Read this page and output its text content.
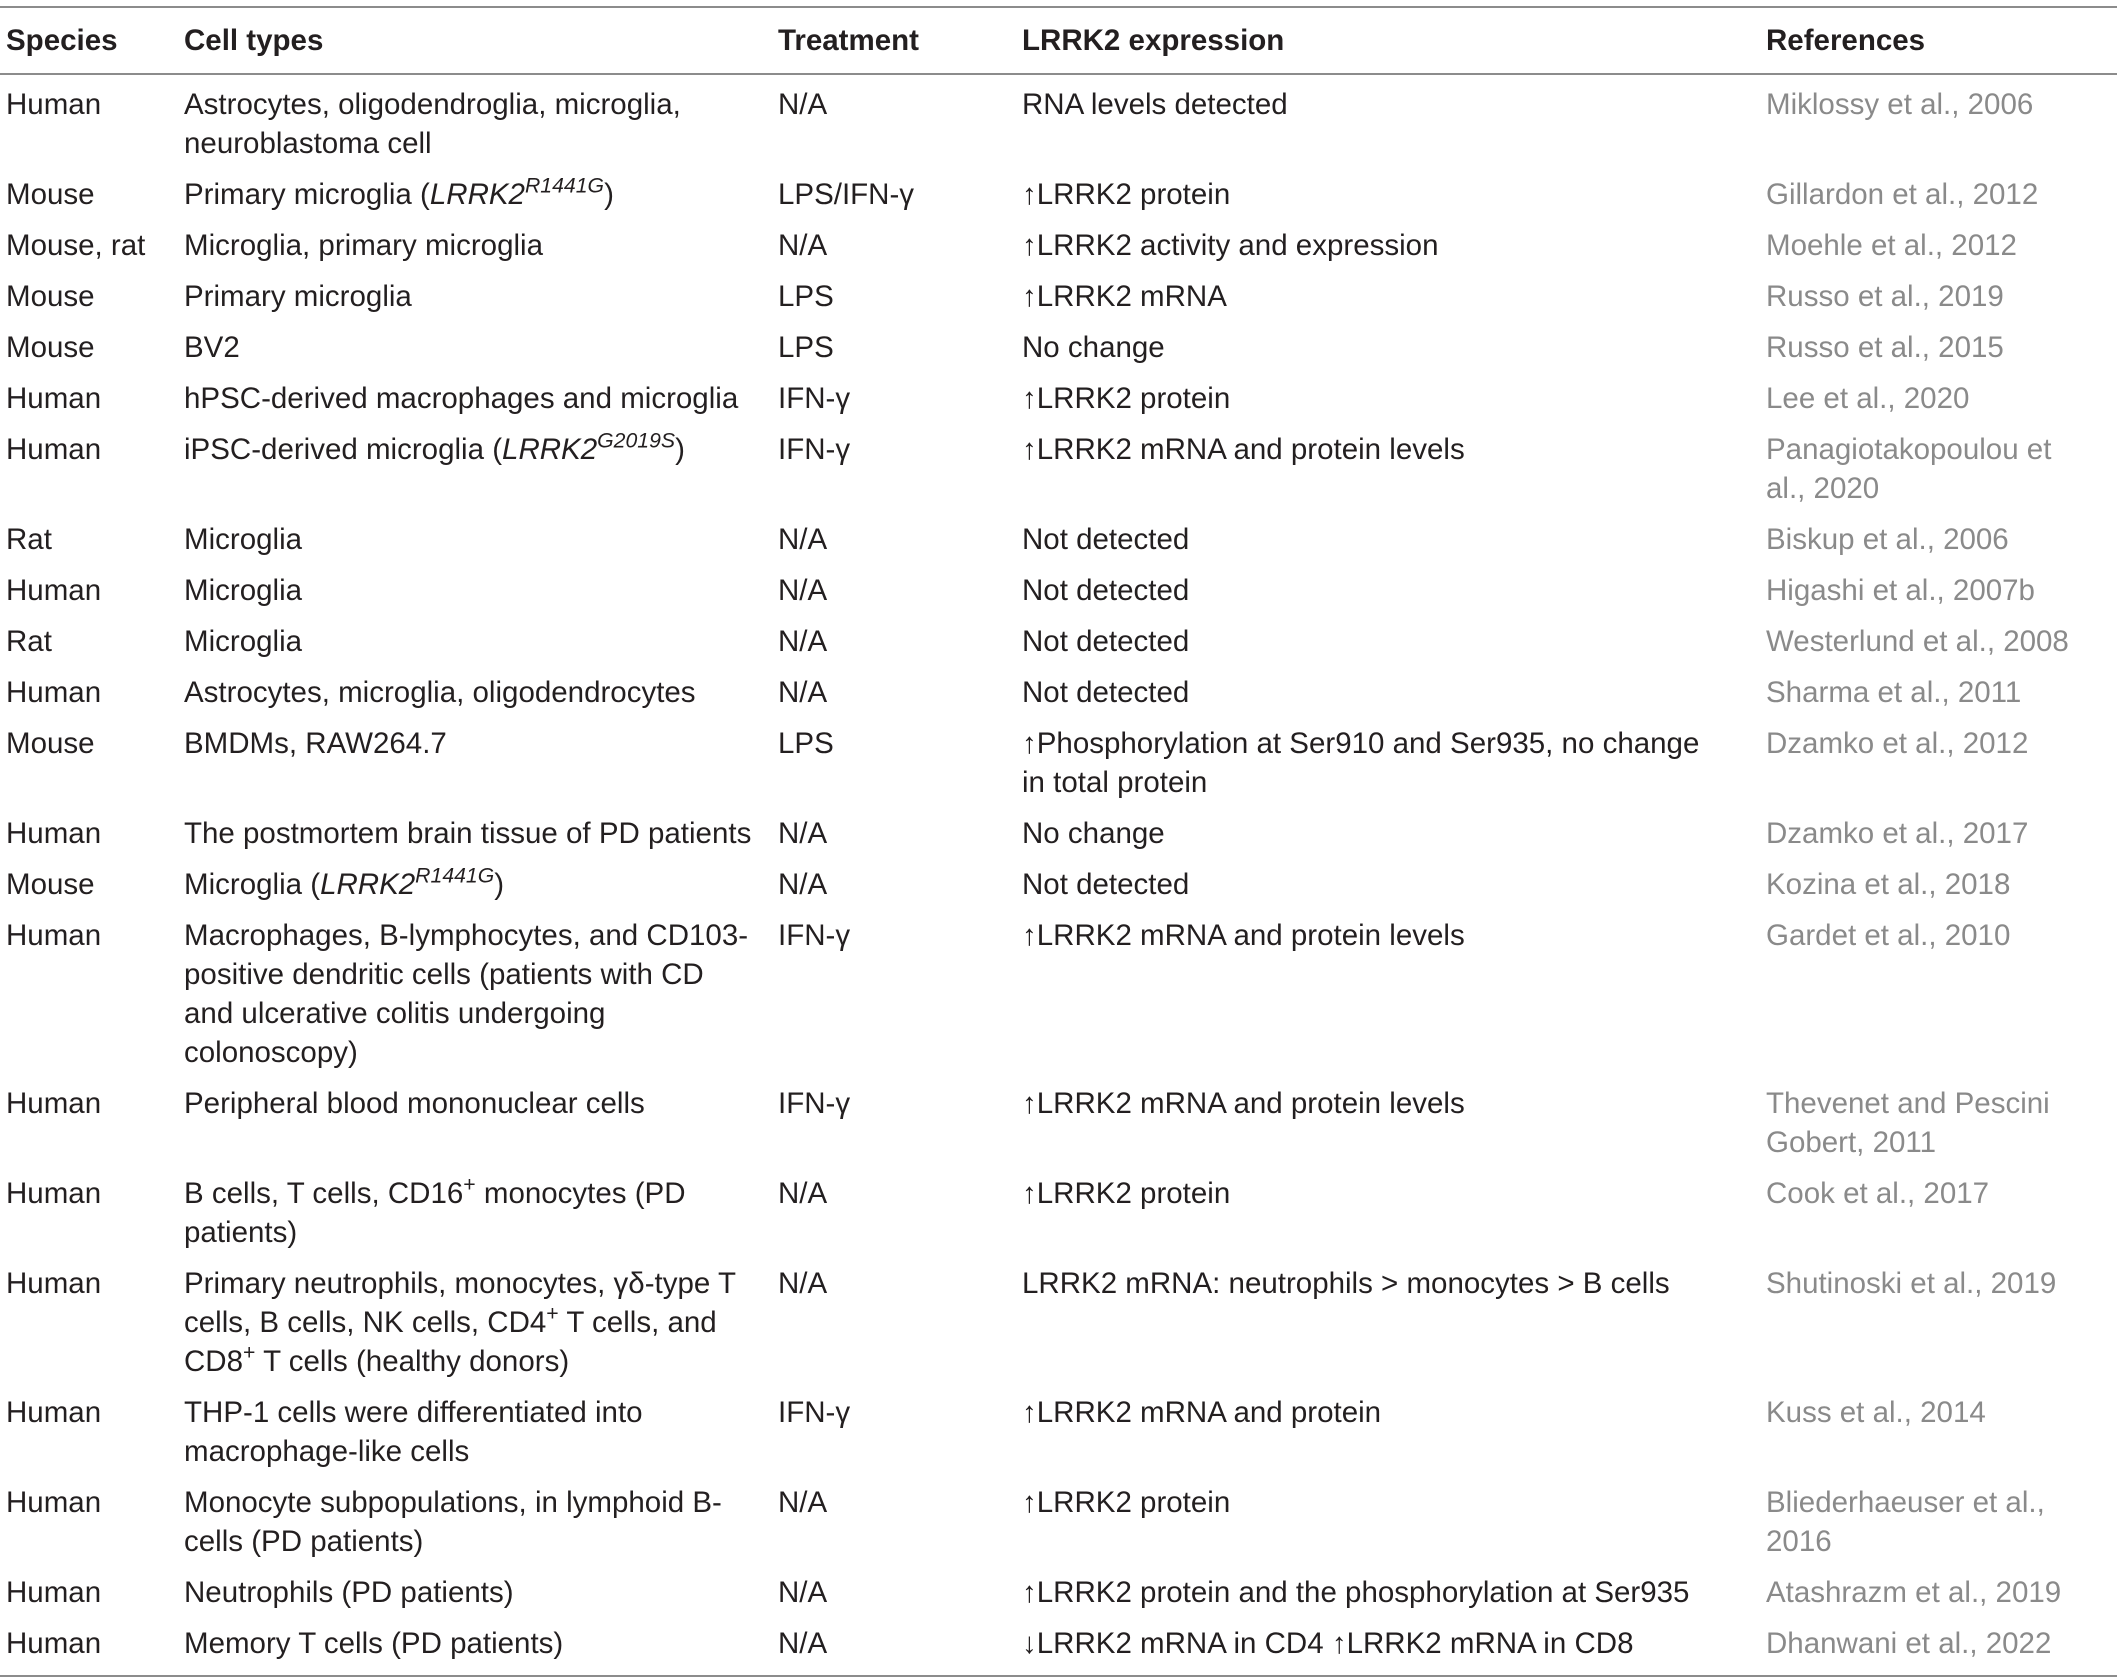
Species	Cell types	Treatment	LRRK2 expression	References

Human	Astrocytes, oligodendroglia, microglia, neuroblastoma cell	N/A	RNA levels detected	Miklossy et al., 2006
Mouse	Primary microglia $(LRRK2^{R1441G})$	LPS/IFN-γ	↑LRRK2 protein	Gillardon et al., 2012
Mouse, rat	Microglia, primary microglia	N/A	↑LRRK2 activity and expression	Moehle et al., 2012
Mouse	Primary microglia	LPS	↑LRRK2 mRNA	Russo et al., 2019
Mouse	BV2	LPS	No change	Russo et al., 2015
Human	hPSC-derived macrophages and microglia	IFN-γ	↑LRRK2 protein	Lee et al., 2020
Human	iPSC-derived microglia $(LRRK2^{G2019S})$	IFN-γ	↑LRRK2 mRNA and protein levels	Panagiotakopoulou et al., 2020
Rat	Microglia	N/A	Not detected	Biskup et al., 2006
Human	Microglia	N/A	Not detected	Higashi et al., 2007b
Rat	Microglia	N/A	Not detected	Westerlund et al., 2008
Human	Astrocytes, microglia, oligodendrocytes	N/A	Not detected	Sharma et al., 2011
Mouse	BMDMs, RAW264.7	LPS	↑Phosphorylation at Ser910 and Ser935, no change in total protein	Dzamko et al., 2012
Human	The postmortem brain tissue of PD patients	N/A	No change	Dzamko et al., 2017
Mouse	Microglia $(LRRK2^{R1441G})$	N/A	Not detected	Kozina et al., 2018
Human	Macrophages, B-lymphocytes, and CD103-positive dendritic cells (patients with CD and ulcerative colitis undergoing colonoscopy)	IFN-γ	↑LRRK2 mRNA and protein levels	Gardet et al., 2010
Human	Peripheral blood mononuclear cells	IFN-γ	↑LRRK2 mRNA and protein levels	Thevenet and Pescini Gobert, 2011
Human	B cells, T cells, CD16+ monocytes (PD patients)	N/A	↑LRRK2 protein	Cook et al., 2017
Human	Primary neutrophils, monocytes, γδ-type T cells, B cells, NK cells, CD4+ T cells, and CD8+ T cells (healthy donors)	N/A	LRRK2 mRNA: neutrophils > monocytes > B cells	Shutinoski et al., 2019
Human	THP-1 cells were differentiated into macrophage-like cells	IFN-γ	↑LRRK2 mRNA and protein	Kuss et al., 2014
Human	Monocyte subpopulations, in lymphoid B-cells (PD patients)	N/A	↑LRRK2 protein	Bliederhaeuser et al., 2016
Human	Neutrophils (PD patients)	N/A	↑LRRK2 protein and the phosphorylation at Ser935	Atashrazm et al., 2019
Human	Memory T cells (PD patients)	N/A	↓LRRK2 mRNA in CD4 ↑LRRK2 mRNA in CD8	Dhanwani et al., 2022
